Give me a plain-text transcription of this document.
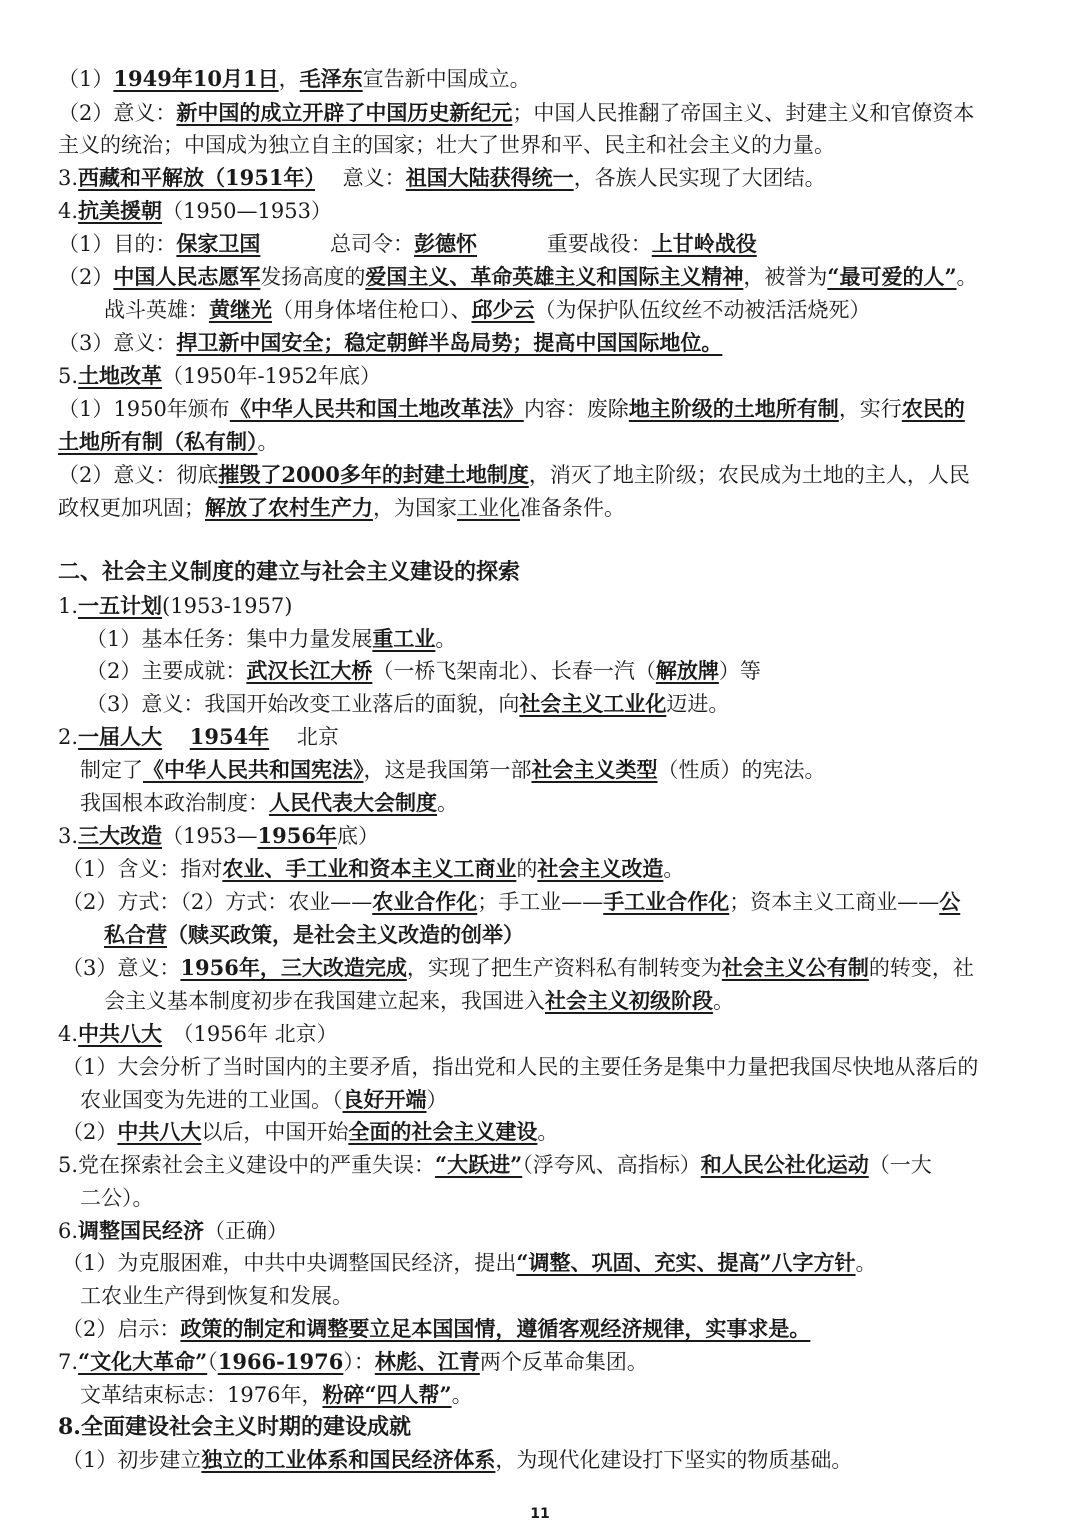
（1）1949年10月1日，毛泽东宣告新中国成立。
（2）意义：新中国的成立开辟了中国历史新纪元；中国人民推翻了帝国主义、封建主义和官僚资本
主义的统治；中国成为独立自主的国家；壮大了世界和平、民主和社会主义的力量。
3.西藏和平解放（1951年）　 意义：祖国大陆获得统一，各族人民实现了大团结。
4.抗美援朝（1950—1953）
（1）目的：保家卫国　　　 总司令：彭德怀　　　 重要战役：上甘岭战役
（2）中国人民志愿军发扬高度的爱国主义、革命英雄主义和国际主义精神，被誉为“最可爱的人”。
战斗英雄：黄继光（用身体堵住枪口）、邱少云（为保护队伍纹丝不动被活活烧死）
（3）意义：捍卫新中国安全；稳定朝鲜半岛局势；提高中国国际地位。
5.土地改革（1950年-1952年底）
（1）1950年颁布《中华人民共和国土地改革法》内容：废除地主阶级的土地所有制，实行农民的
土地所有制（私有制）。
（2）意义：彻底摧毁了2000多年的封建土地制度，消灭了地主阶级；农民成为土地的主人，人民
政权更加巩固；解放了农村生产力，为国家工业化准备条件。
二、社会主义制度的建立与社会主义建设的探索
1.一五计划(1953-1957)
（1）基本任务：集中力量发展重工业。
（2）主要成就：武汉长江大桥（一桥飞架南北）、长春一汽（解放牌）等
（3）意义：我国开始改变工业落后的面貌，向社会主义工业化迈进。
2.一届人大　 1954年　 北京
制定了《中华人民共和国宪法》，这是我国第一部社会主义类型（性质）的宪法。
我国根本政治制度：人民代表大会制度。
3.三大改造（1953—1956年底）
（1）含义：指对农业、手工业和资本主义工商业的社会主义改造。
（2）方式：（2）方式：农业——农业合作化；手工业——手工业合作化；资本主义工商业——公
私合营（赎买政策，是社会主义改造的创举）
（3）意义：1956年，三大改造完成，实现了把生产资料私有制转变为社会主义公有制的转变，社
会主义基本制度初步在我国建立起来，我国进入社会主义初级阶段。
4.中共八大　（1956年 北京）
（1）大会分析了当时国内的主要矛盾，指出党和人民的主要任务是集中力量把我国尽快地从落后的
农业国变为先进的工业国。（良好开端）
（2）中共八大以后，中国开始全面的社会主义建设。
5.党在探索社会主义建设中的严重失误：“大跃进”（浮夸风、高指标）和人民公社化运动（一大
二公）。
6.调整国民经济（正确）
（1）为克服困难，中共中央调整国民经济，提出“调整、巩固、充实、提高”八字方针。
工农业生产得到恢复和发展。
（2）启示：政策的制定和调整要立足本国国情，遵循客观经济规律，实事求是。
7.“文化大革命”（1966-1976）：林彪、江青两个反革命集团。
文革结束标志：1976年，粉碎“四人帮”。
8.全面建设社会主义时期的建设成就
（1）初步建立独立的工业体系和国民经济体系，为现代化建设打下坚实的物质基础。
11
